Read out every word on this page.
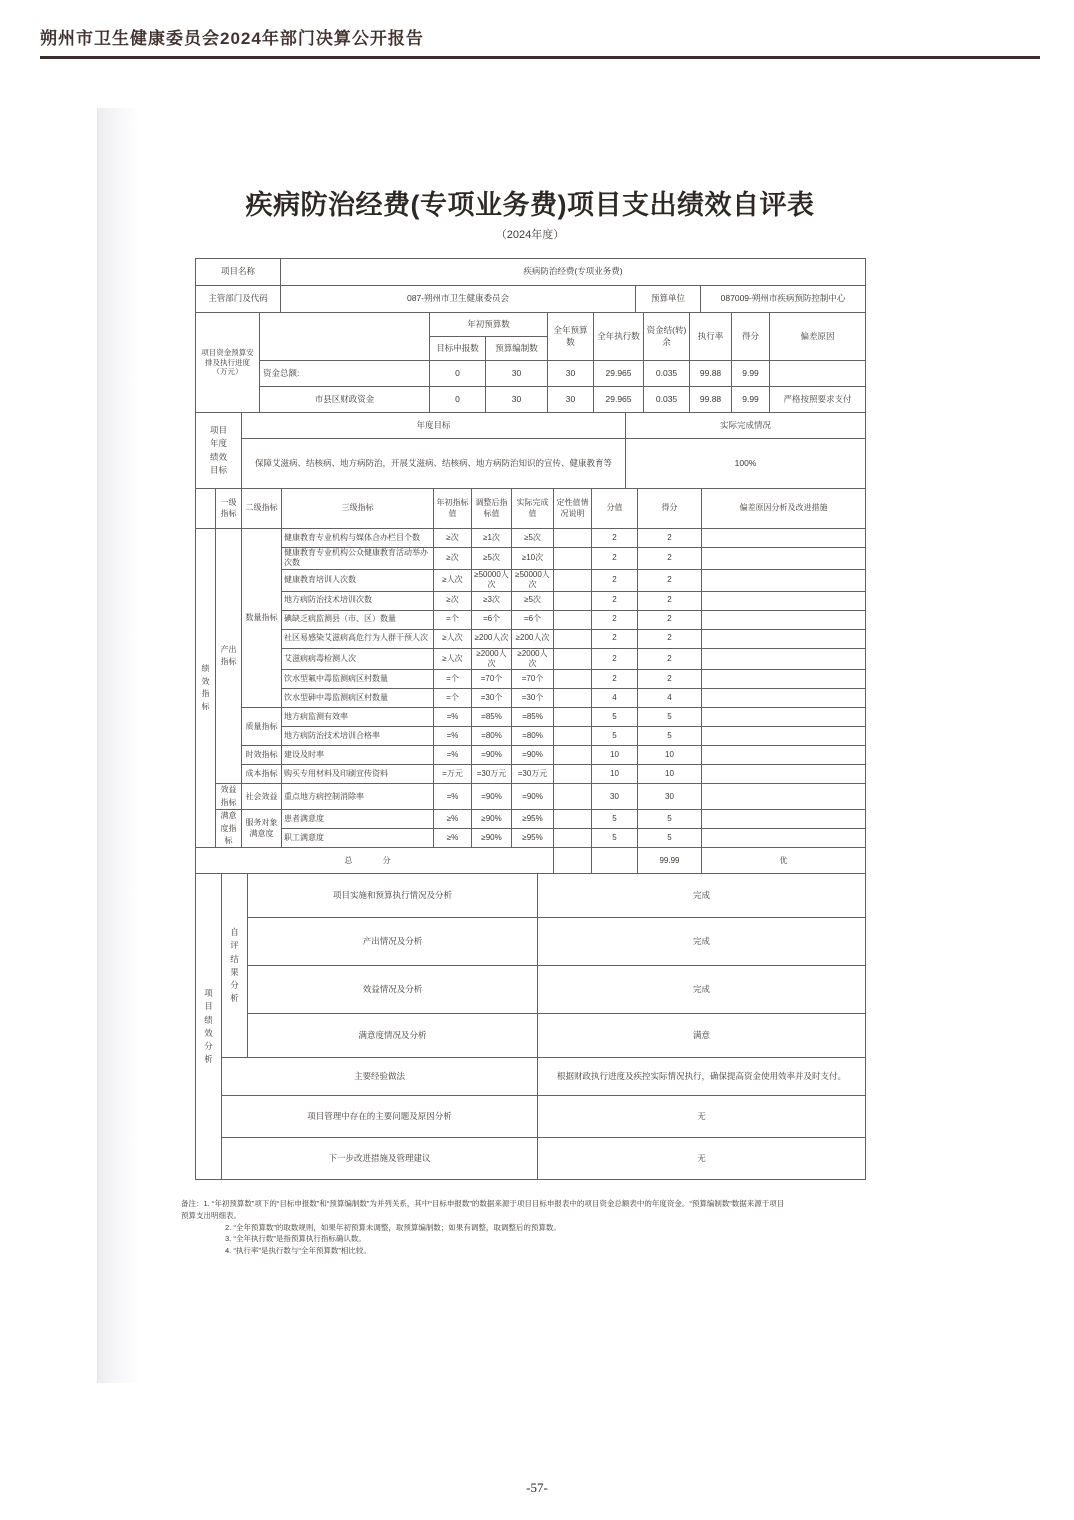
朔州市卫生健康委员会2024年部门决算公开报告
疾病防治经费(专项业务费)项目支出绩效自评表
（2024年度）
项目名称	疾病防治经费(专项业务费)		
主管部门及代码	087-朔州市卫生健康委员会	预算单位	087009-朔州市疾病预防控制中心
项目资金预算安排及执行进度（万元）		年初预算数		全年预算数	全年执行数	资金结(转)余	执行率	得分	偏差原因
		目标申报数	预算编制数						
	资金总额:	0	30	30	29.965	0.035	99.88	9.99	
	市县区财政资金	0	30	30	29.965	0.035	99.88	9.99	严格按照要求支付
项目年度绩效目标	年度目标	实际完成情况
	保障艾滋病、结核病、地方病防治，开展艾滋病、结核病、地方病防治知识的宣传、健康教育等	100%
	一级指标	二级指标	三级指标	年初指标值	调整后指标值	实际完成值	定性值情况说明	分值	得分	偏差原因分析及改进措施
绩效指标	产出指标	数量指标	健康教育专业机构与媒体合办栏目个数	≥次	≥1次	≥5次		2	2	
			健康教育专业机构公众健康教育活动举办次数	≥次	≥5次	≥10次		2	2	
			健康教育培训人次数	≥人次	≥50000人次	≥50000人次		2	2	
			地方病防治技术培训次数	≥次	≥3次	≥5次		2	2	
			碘缺乏病监测县（市、区）数量	=个	=6个	=6个		2	2	
			社区易感染艾滋病高危行为人群干预人次	≥人次	≥200人次	≥200人次		2	2	
			艾滋病病毒检测人次	≥人次	≥2000人次	≥2000人次		2	2	
			饮水型氟中毒监测病区村数量	=个	=70个	=70个		2	2	
			饮水型砷中毒监测病区村数量	=个	=30个	=30个		4	4	
		质量指标	地方病监测有效率	=%	=85%	=85%		5	5	
			地方病防治技术培训合格率	=%	=80%	=80%		5	5	
		时效指标	建设及时率	=%	=90%	=90%		10	10	
		成本指标	购买专用材料及印刷宣传资料	=万元	=30万元	=30万元		10	10	
	效益指标	社会效益	重点地方病控制消除率	=%	=90%	=90%		30	30	
	满意度指标	服务对象满意度	患者满意度	≥%	≥90%	≥95%		5	5	
			职工满意度	≥%	≥90%	≥95%		5	5	
总 分									99.99	优
项目绩效分析	自评结果分析	项目实施和预算执行情况及分析	完成
		产出情况及分析	完成
		效益情况及分析	完成
		满意度情况及分析	满意
	主要经验做法		根据财政执行进度及疾控实际情况执行，确保提高资金使用效率并及时支付。
	项目管理中存在的主要问题及原因分析		无
	下一步改进措施及管理建议		无
备注：1. “年初预算数”项下的“目标申报数”和“预算编制数”为并列关系，其中“目标申报数”的数据来源于项目目标申报表中的项目资金总额表中的年度资金。“预算编制数”数据来源于项目
预算支出明细表。
2. “全年预算数”的取数规则，如果年初预算未调整，取预算编制数；如果有调整，取调整后的预算数。
3. “全年执行数”是指预算执行指标确认数。
4. “执行率”是执行数与“全年预算数”相比较。
-57-
